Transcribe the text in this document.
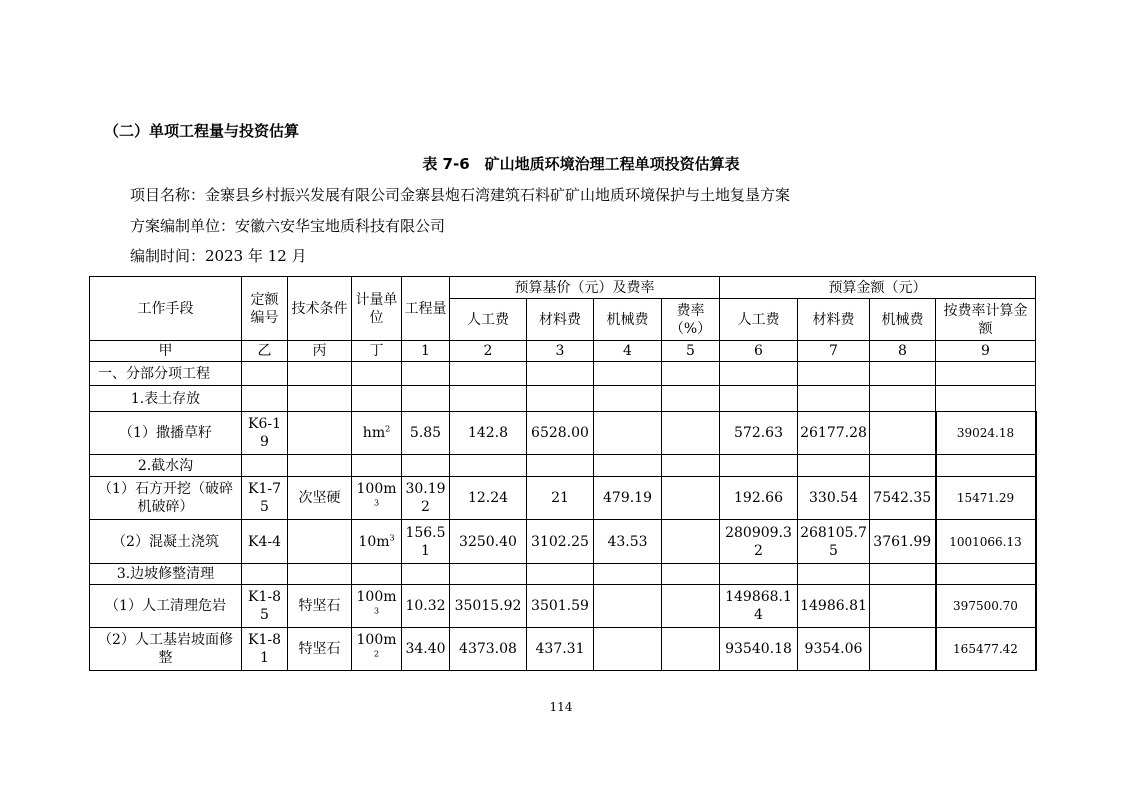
（二）单项工程量与投资估算
表 7-6　矿山地质环境治理工程单项投资估算表
项目名称：金寨县乡村振兴发展有限公司金寨县炮石湾建筑石料矿矿山地质环境保护与土地复垦方案
方案编制单位：安徽六安华宝地质科技有限公司
编制时间：2023 年 12 月
工作手段	定额编号	技术条件	计量单位	工程量	预算基价（元）及费率				预算金额（元）			
					人工费	材料费	机械费	费率（%）	人工费	材料费	机械费	按费率计算金额
甲	乙	丙	丁	1	2	3	4	5	6	7	8	9
一、分部分项工程												
1.表土存放												
（1）撒播草籽	K6-19		$hm^2$	5.85	142.8	6528.00			572.63	26177.28		39024.18
2.截水沟												
（1）石方开挖（破碎机破碎）	K1-75	次坚硬	$100m^3$	30.192	12.24	21	479.19		192.66	330.54	7542.35	15471.29
（2）混凝土浇筑	K4-4		$10m^3$	156.51	3250.40	3102.25	43.53		280909.32	268105.75	3761.99	1001066.13
3.边坡修整清理												
（1）人工清理危岩	K1-85	特坚石	$100m^3$	10.32	35015.92	3501.59			149868.14	14986.81		397500.70
（2）人工基岩坡面修整	K1-81	特坚石	$100m^2$	34.40	4373.08	437.31			93540.18	9354.06		165477.42
114
